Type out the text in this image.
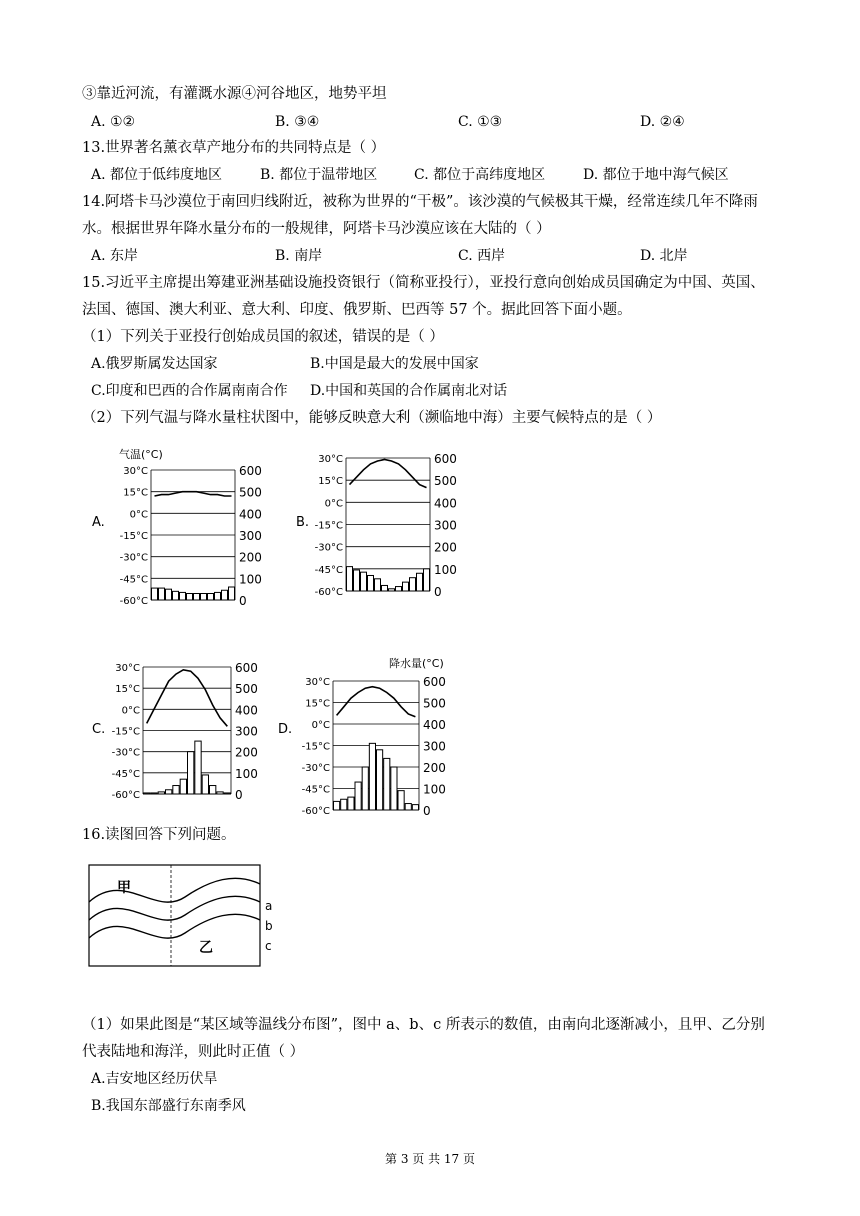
③靠近河流，有灌溉水源④河谷地区，地势平坦
A. ①②	B. ③④	C. ①③	D. ②④
13.世界著名薰衣草产地分布的共同特点是（ ）
A. 都位于低纬度地区	B. 都位于温带地区	C. 都位于高纬度地区	D. 都位于地中海气候区
14.阿塔卡马沙漠位于南回归线附近，被称为世界的“干极”。该沙漠的气候极其干燥，经常连续几年不降雨
水。根据世界年降水量分布的一般规律，阿塔卡马沙漠应该在大陆的（ ）
A. 东岸	B. 南岸	C. 西岸	D. 北岸
15.习近平主席提出筹建亚洲基础设施投资银行（简称亚投行），亚投行意向创始成员国确定为中国、英国、
法国、德国、澳大利亚、意大利、印度、俄罗斯、巴西等 57 个。据此回答下面小题。
（1）下列关于亚投行创始成员国的叙述，错误的是（ ）
A.俄罗斯属发达国家	B.中国是最大的发展中国家
C.印度和巴西的合作属南南合作 D.中国和英国的合作属南北对话
（2）下列气温与降水量柱状图中，能够反映意大利（濒临地中海）主要气候特点的是（ ）
A.
30°C	600
15°C	500
0°C	400
-15°C	300
-30°C	200
-45°C	100
-60°C	0
气温(°C)
B.
30°C	600
15°C	500
0°C	400
-15°C	300
-30°C	200
-45°C	100
-60°C	0
C.
30°C	600
15°C	500
0°C	400
-15°C	300
-30°C	200
-45°C	100
-60°C	0
D.
30°C	600
15°C	500
0°C	400
-15°C	300
-30°C	200
-45°C	100
-60°C	0
降水量(°C)
16.读图回答下列问题。
甲
乙
a
b
c
（1）如果此图是“某区域等温线分布图”，图中 a、b、c 所表示的数值，由南向北逐渐减小，且甲、乙分别
代表陆地和海洋，则此时正值（ ）
A.吉安地区经历伏旱
B.我国东部盛行东南季风
第 3 页 共 17 页
